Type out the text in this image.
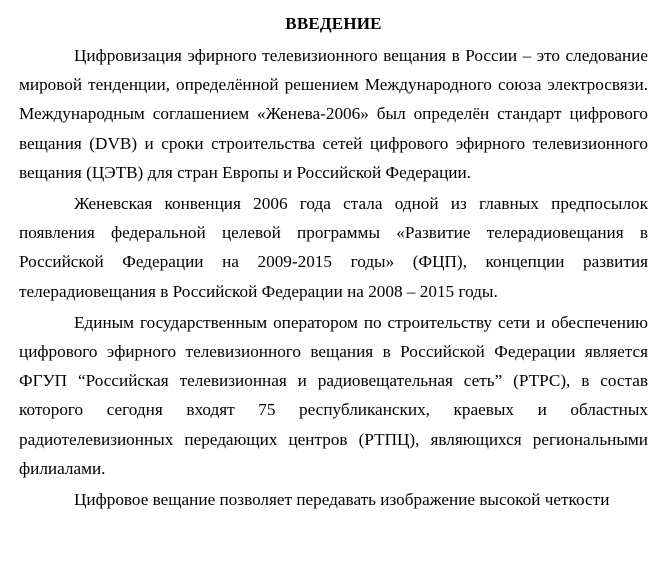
ВВЕДЕНИЕ

Цифровизация эфирного телевизионного вещания в России – это следование мировой тенденции, определённой решением Международного союза электросвязи. Международным соглашением «Женева-2006» был определён стандарт цифрового вещания (DVB) и сроки строительства сетей цифрового эфирного телевизионного вещания (ЦЭТВ) для стран Европы и Российской Федерации.

Женевская конвенция 2006 года стала одной из главных предпосылок появления федеральной целевой программы «Развитие телерадиовещания в Российской Федерации на 2009-2015 годы» (ФЦП), концепции развития телерадиовещания в Российской Федерации на 2008 – 2015 годы.

Единым государственным оператором по строительству сети и обеспечению цифрового эфирного телевизионного вещания в Российской Федерации является ФГУП “Российская телевизионная и радиовещательная сеть” (РТРС), в состав которого сегодня входят 75 республиканских, краевых и областных радиотелевизионных передающих центров (РТПЦ), являющихся региональными филиалами.

Цифровое вещание позволяет передавать изображение высокой четкости
